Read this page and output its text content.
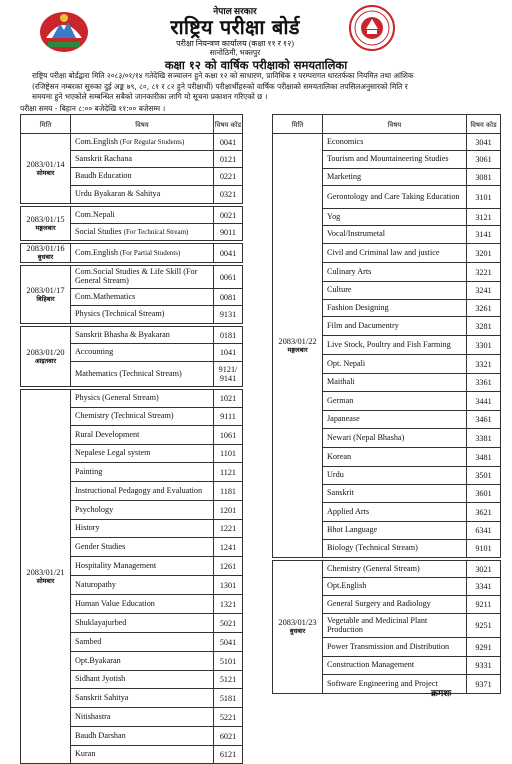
नेपाल सरकार
राष्ट्रिय परीक्षा बोर्ड
परीक्षा नियन्त्रण कार्यालय (कक्षा ११ र १२)
सानोठिमी, भक्तपुर
कक्षा १२ को वार्षिक परीक्षाको समयतालिका
राष्ट्रिय परीक्षा बोर्डद्वारा मिति २०८३/०१/१४ गतेदेखि सञ्चालन हुने कक्षा १२ को साधारण, प्राविधिक र परम्परागत धारतर्फका नियमित तथा आंशिक
(रजिष्ट्रेसन नम्बरका सुरुका दुई अङ्क ७९, ८०, ८१ र ८२ हुने परीक्षार्थी) परीक्षार्थीहरुको वार्षिक परीक्षाको समयतालिका तपसिलअनुसारको मिति र
समयमा हुने भएकोले सम्बन्धित सबैको जानकारीका लागि यो सूचना प्रकाशन गरिएको छ ।
परीक्षा समय - बिहान ८:०० बजेदेखि ११:०० बजेसम्म ।
मिति	विषय	विषय कोड
2083/01/14
सोमबार	Com.English (For Regular Students)	0041
	Sanskrit Rachana	0121
	Baudh Education	0221
	Urdu Byakaran & Sahitya	0321

2083/01/15
मङ्गलबार	Com.Nepali	0021
	Social Studies (For Technical Stream)	9011

2083/01/16
बुधबार	Com.English (For Partial Students)	0041

2083/01/17
बिहिबार	Com.Social Studies & Life Skill (For General Stream)	0061
	Com.Mathematics	0081
	Physics (Technical Stream)	9131

2083/01/20
आइतबार	Sanskrit Bhasha & Byakaran	0181
	Accounting	1041
	Mathematics (Technical Stream)	9121/ 9141

2083/01/21
सोमबार	Physics (General Stream)	1021
	Chemistry (Technical Stream)	9111
	Rural Development	1061
	Nepalese Legal system	1101
	Painting	1121
	Instructional Pedagogy and Evaluation	1181
	Psychology	1201
	History	1221
	Gender Studies	1241
	Hospitality Management	1261
	Naturopathy	1301
	Human Value Education	1321
	Shuklayajurbed	5021
	Sambed	5041
	Opt.Byakaran	5101
	Sidhant Jyotish	5121
	Sanskrit Sahitya	5181
	Nitishastra	5221
	Baudh Darshan	6021
	Kuran	6121
मिति	विषय	विषय कोड
2083/01/22
मङ्गलबार	Economics	3041
	Tourism and Mountaineering Studies	3061
	Marketing	3081
	Gerontology and Care Taking Education	3101
	Yog	3121
	Vocal/Instrumetal	3141
	Civil and Criminal law and justice	3201
	Culinary Arts	3221
	Culture	3241
	Fashion Designing	3261
	Film and Dacumentry	3281
	Live Stock, Poultry and Fish Farming	3301
	Opt. Nepali	3321
	Maithali	3361
	German	3441
	Japanease	3461
	Newari (Nepal Bhasha)	3381
	Korean	3481
	Urdu	3501
	Sanskrit	3601
	Applied Arts	3621
	Bhot Language	6341
	Biology (Technical Stream)	9101

2083/01/23
बुधबार	Chemistry (General Stream)	3021
	Opt.English	3341
	General Surgery and Radiology	9211
	Vegetable and Medicinal Plant Production	9251
	Power Transmission and Distribution	9291
	Construction Management	9331
	Software Engineering and Project	9371
क्रमशः
